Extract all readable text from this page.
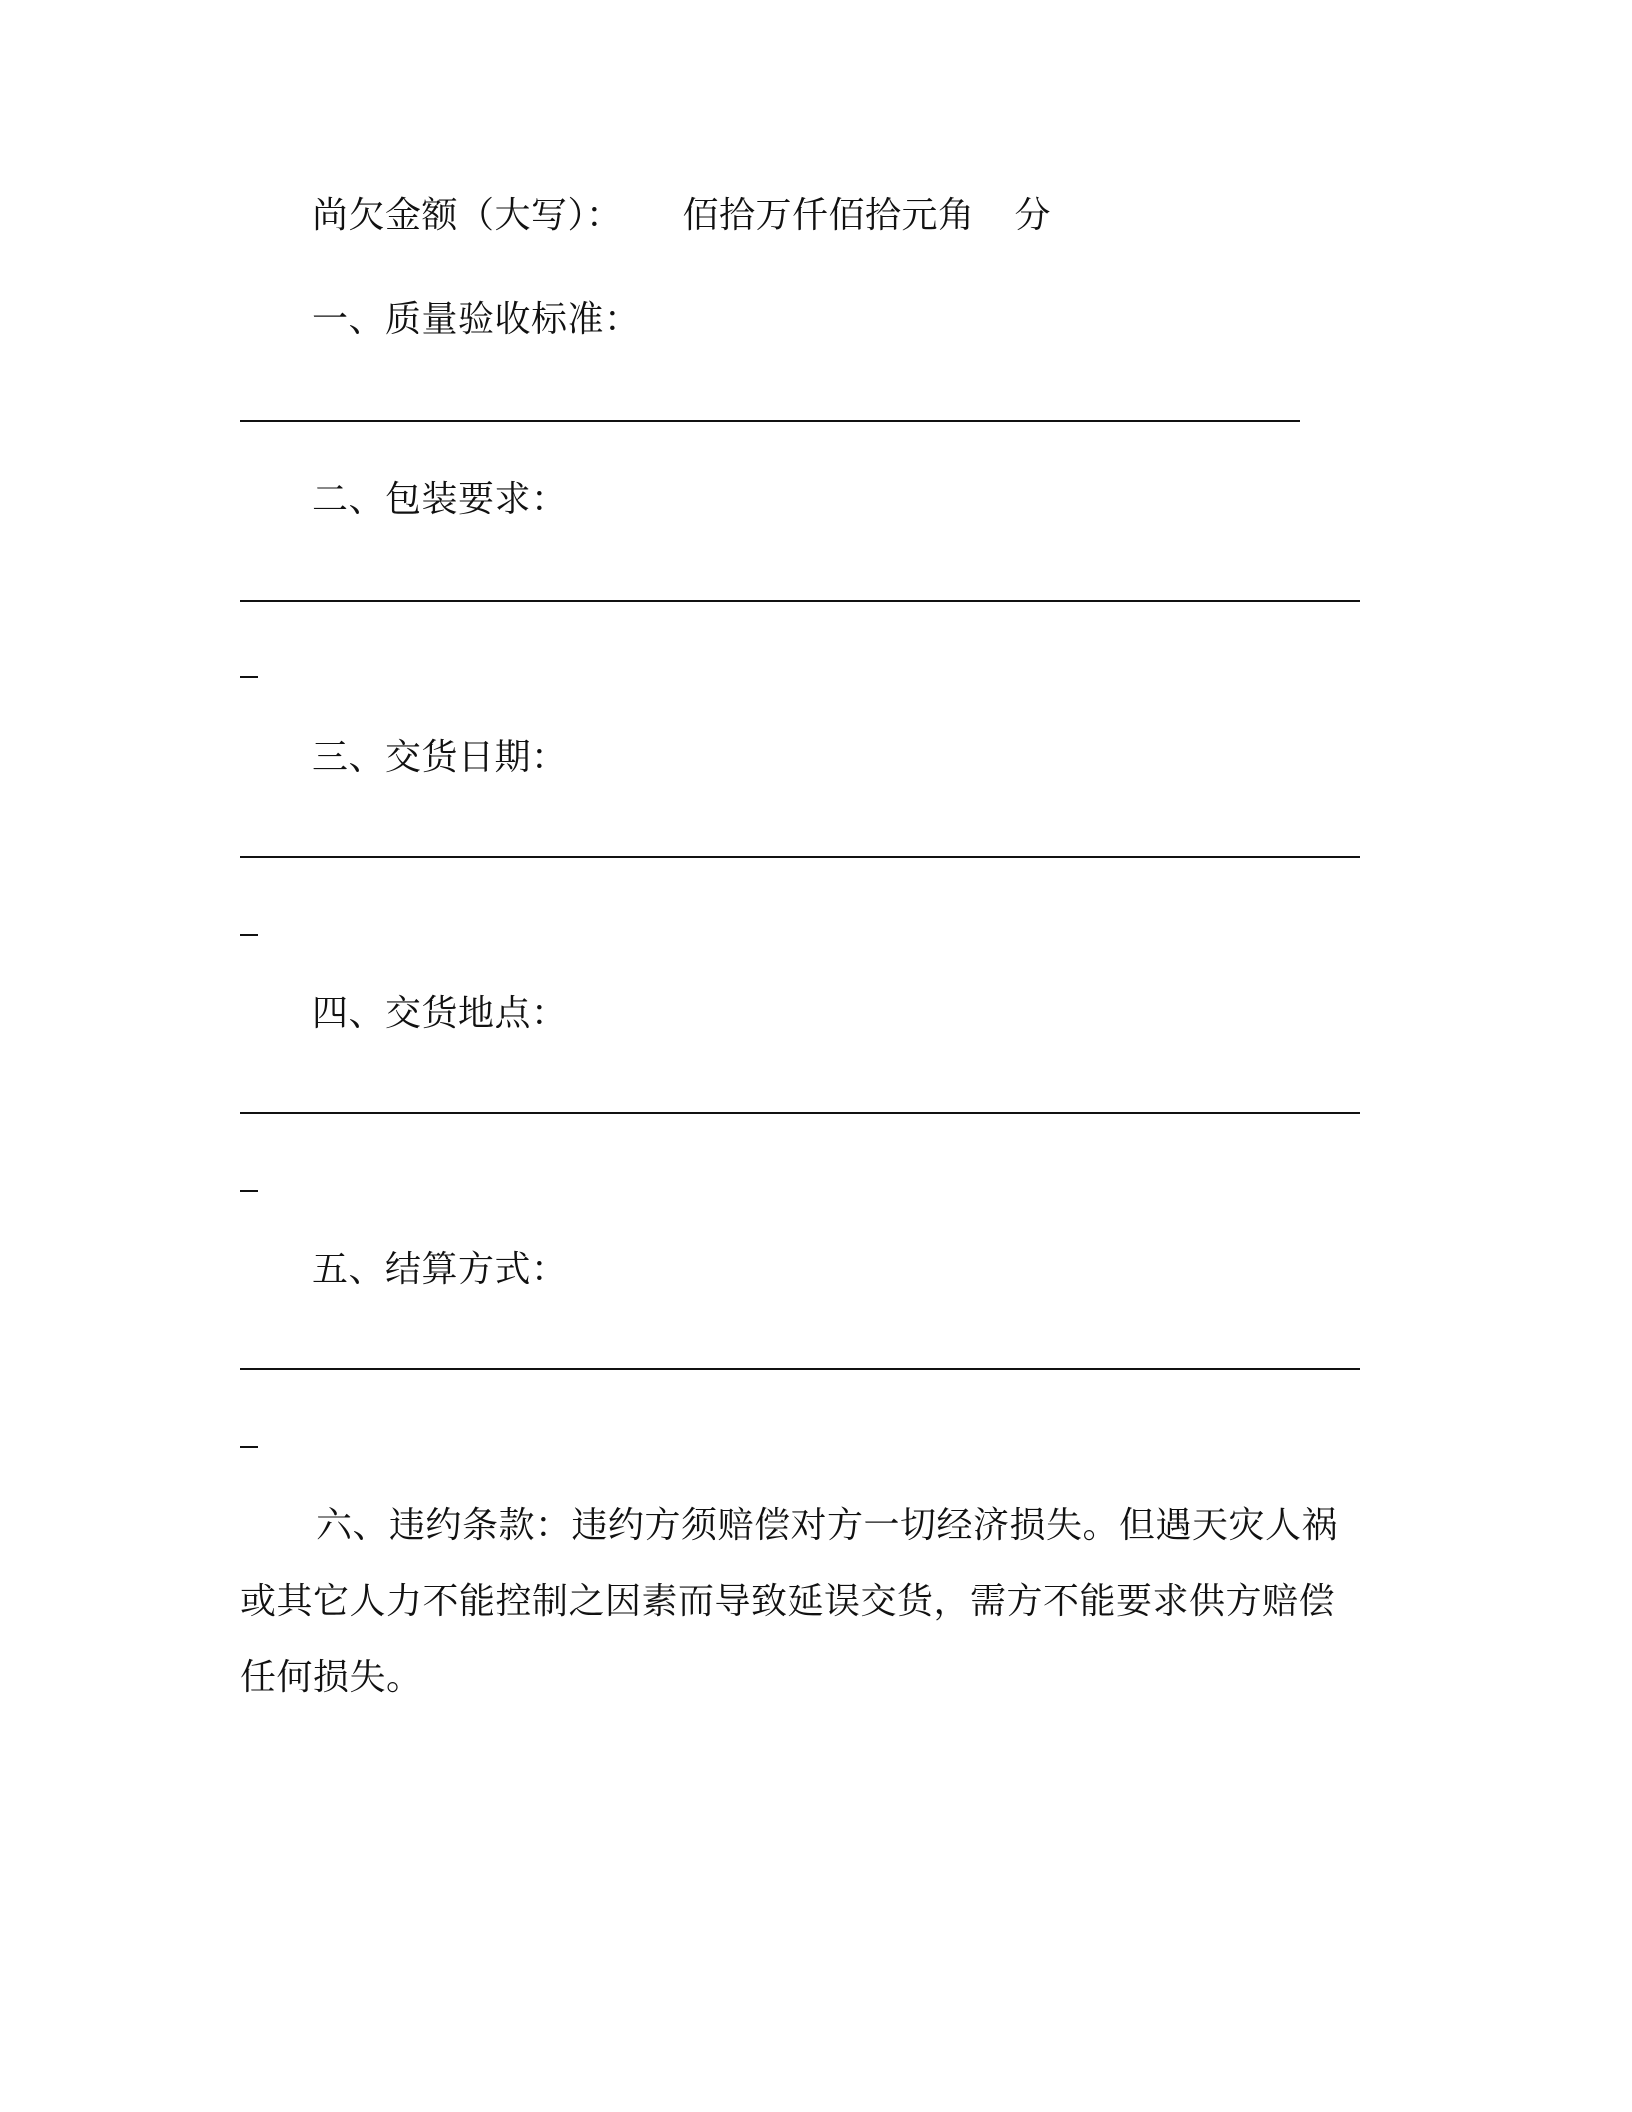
尚欠金额（大写）： 佰拾万仟佰拾元角 分
一、质量验收标准：
二、包装要求：
三、交货日期：
四、交货地点：
五、结算方式：
六、违约条款：违约方须赔偿对方一切经济损失。但遇天灾人祸或其它人力不能控制之因素而导致延误交货，需方不能要求供方赔偿任何损失。
